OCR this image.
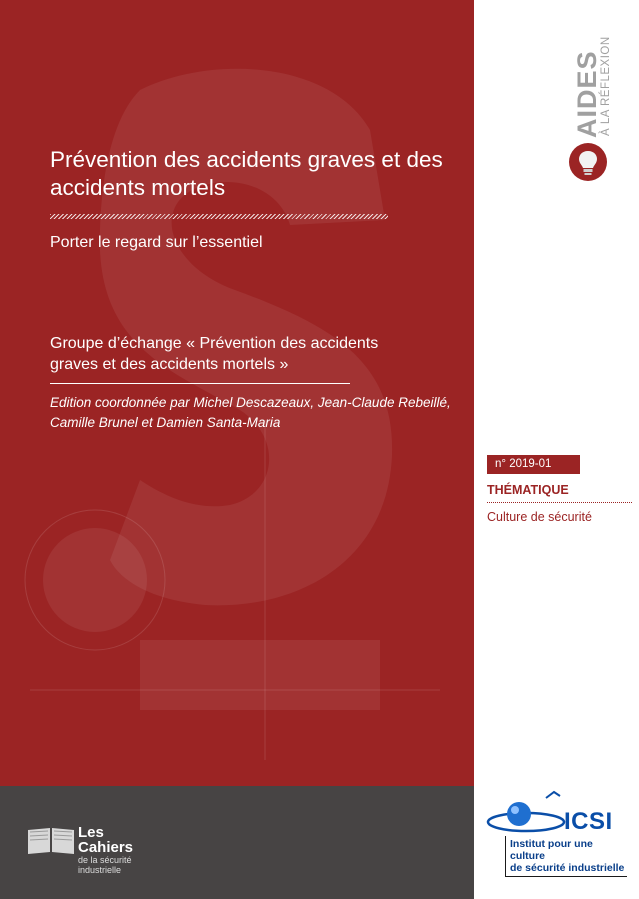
Prévention des accidents graves et des accidents mortels
Porter le regard sur l’essentiel
Groupe d’échange « Prévention des accidents graves et des accidents mortels »
Edition coordonnée par Michel Descazeaux, Jean-Claude Rebeillé, Camille Brunel et Damien Santa-Maria
Les
Cahiers
de la sécurité
industrielle
AIDES
À LA RÉFLEXION
n° 2019-01
THÉMATIQUE
Culture de sécurité
ICSI
Institut pour une culture
de sécurité industrielle
